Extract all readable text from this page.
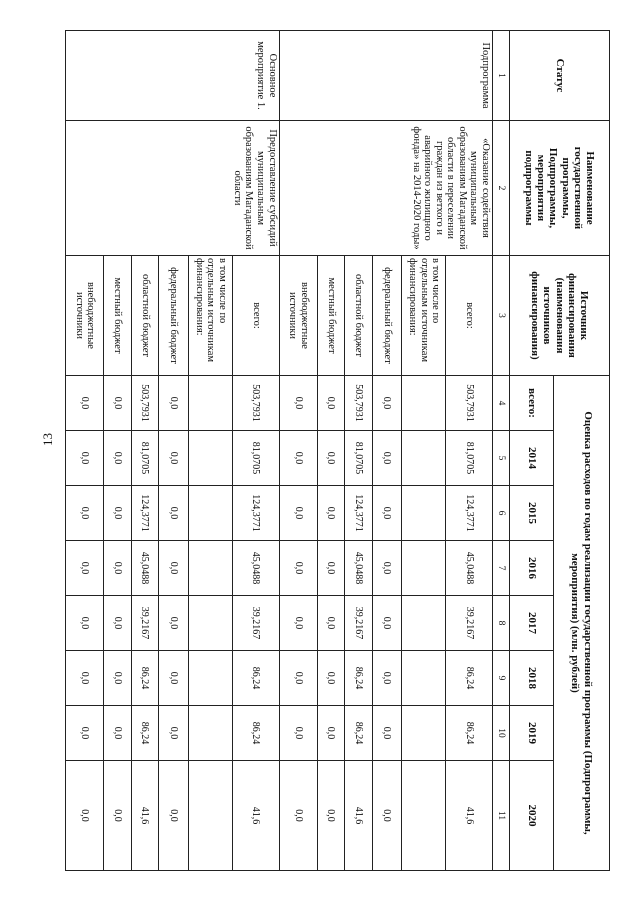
13
Статус	Наименование государственной программы, Подпрограммы, мероприятия подпрограммы	Источник финансирования (наименования источников финансирования)	Оценка расходов по годам реализации государственной программы (Подпрограммы, мероприятия) (млн. рублей)							
			всего:	2014	2015	2016	2017	2018	2019	2020
1	2	3	4	5	6	7	8	9	10	11
Подпрограмма	«Оказание содействия муниципальным образованиям Магаданской области в переселении граждан из ветхого и аварийного жилищного фонда» на 2014-2020 годы»	всего:	503,7931	81,0705	124,3771	45,0488	39,2167	86,24	86,24	41,6
		в том числе по отдельным источникам финансирования:								
		федеральный бюджет	0,0	0,0	0,0	0,0	0,0	0,0	0,0	0,0
		областной бюджет	503,7931	81,0705	124,3771	45,0488	39,2167	86,24	86,24	41,6
		местный бюджет	0,0	0,0	0,0	0,0	0,0	0,0	0,0	0,0
		внебюджетные источники	0,0	0,0	0,0	0,0	0,0	0,0	0,0	0,0
Основное мероприятие 1.	Предоставление субсидий муниципальным образованиям Магаданской области	всего:	503,7931	81,0705	124,3771	45,0488	39,2167	86,24	86,24	41,6
		в том числе по отдельным источникам финансирования:								
		федеральный бюджет	0,0	0,0	0,0	0,0	0,0	0,0	0,0	0,0
		областной бюджет	503,7931	81,0705	124,3771	45,0488	39,2167	86,24	86,24	41,6
		местный бюджет	0,0	0,0	0,0	0,0	0,0	0,0	0,0	0,0
		внебюджетные источники	0,0	0,0	0,0	0,0	0,0	0,0	0,0	0,0
